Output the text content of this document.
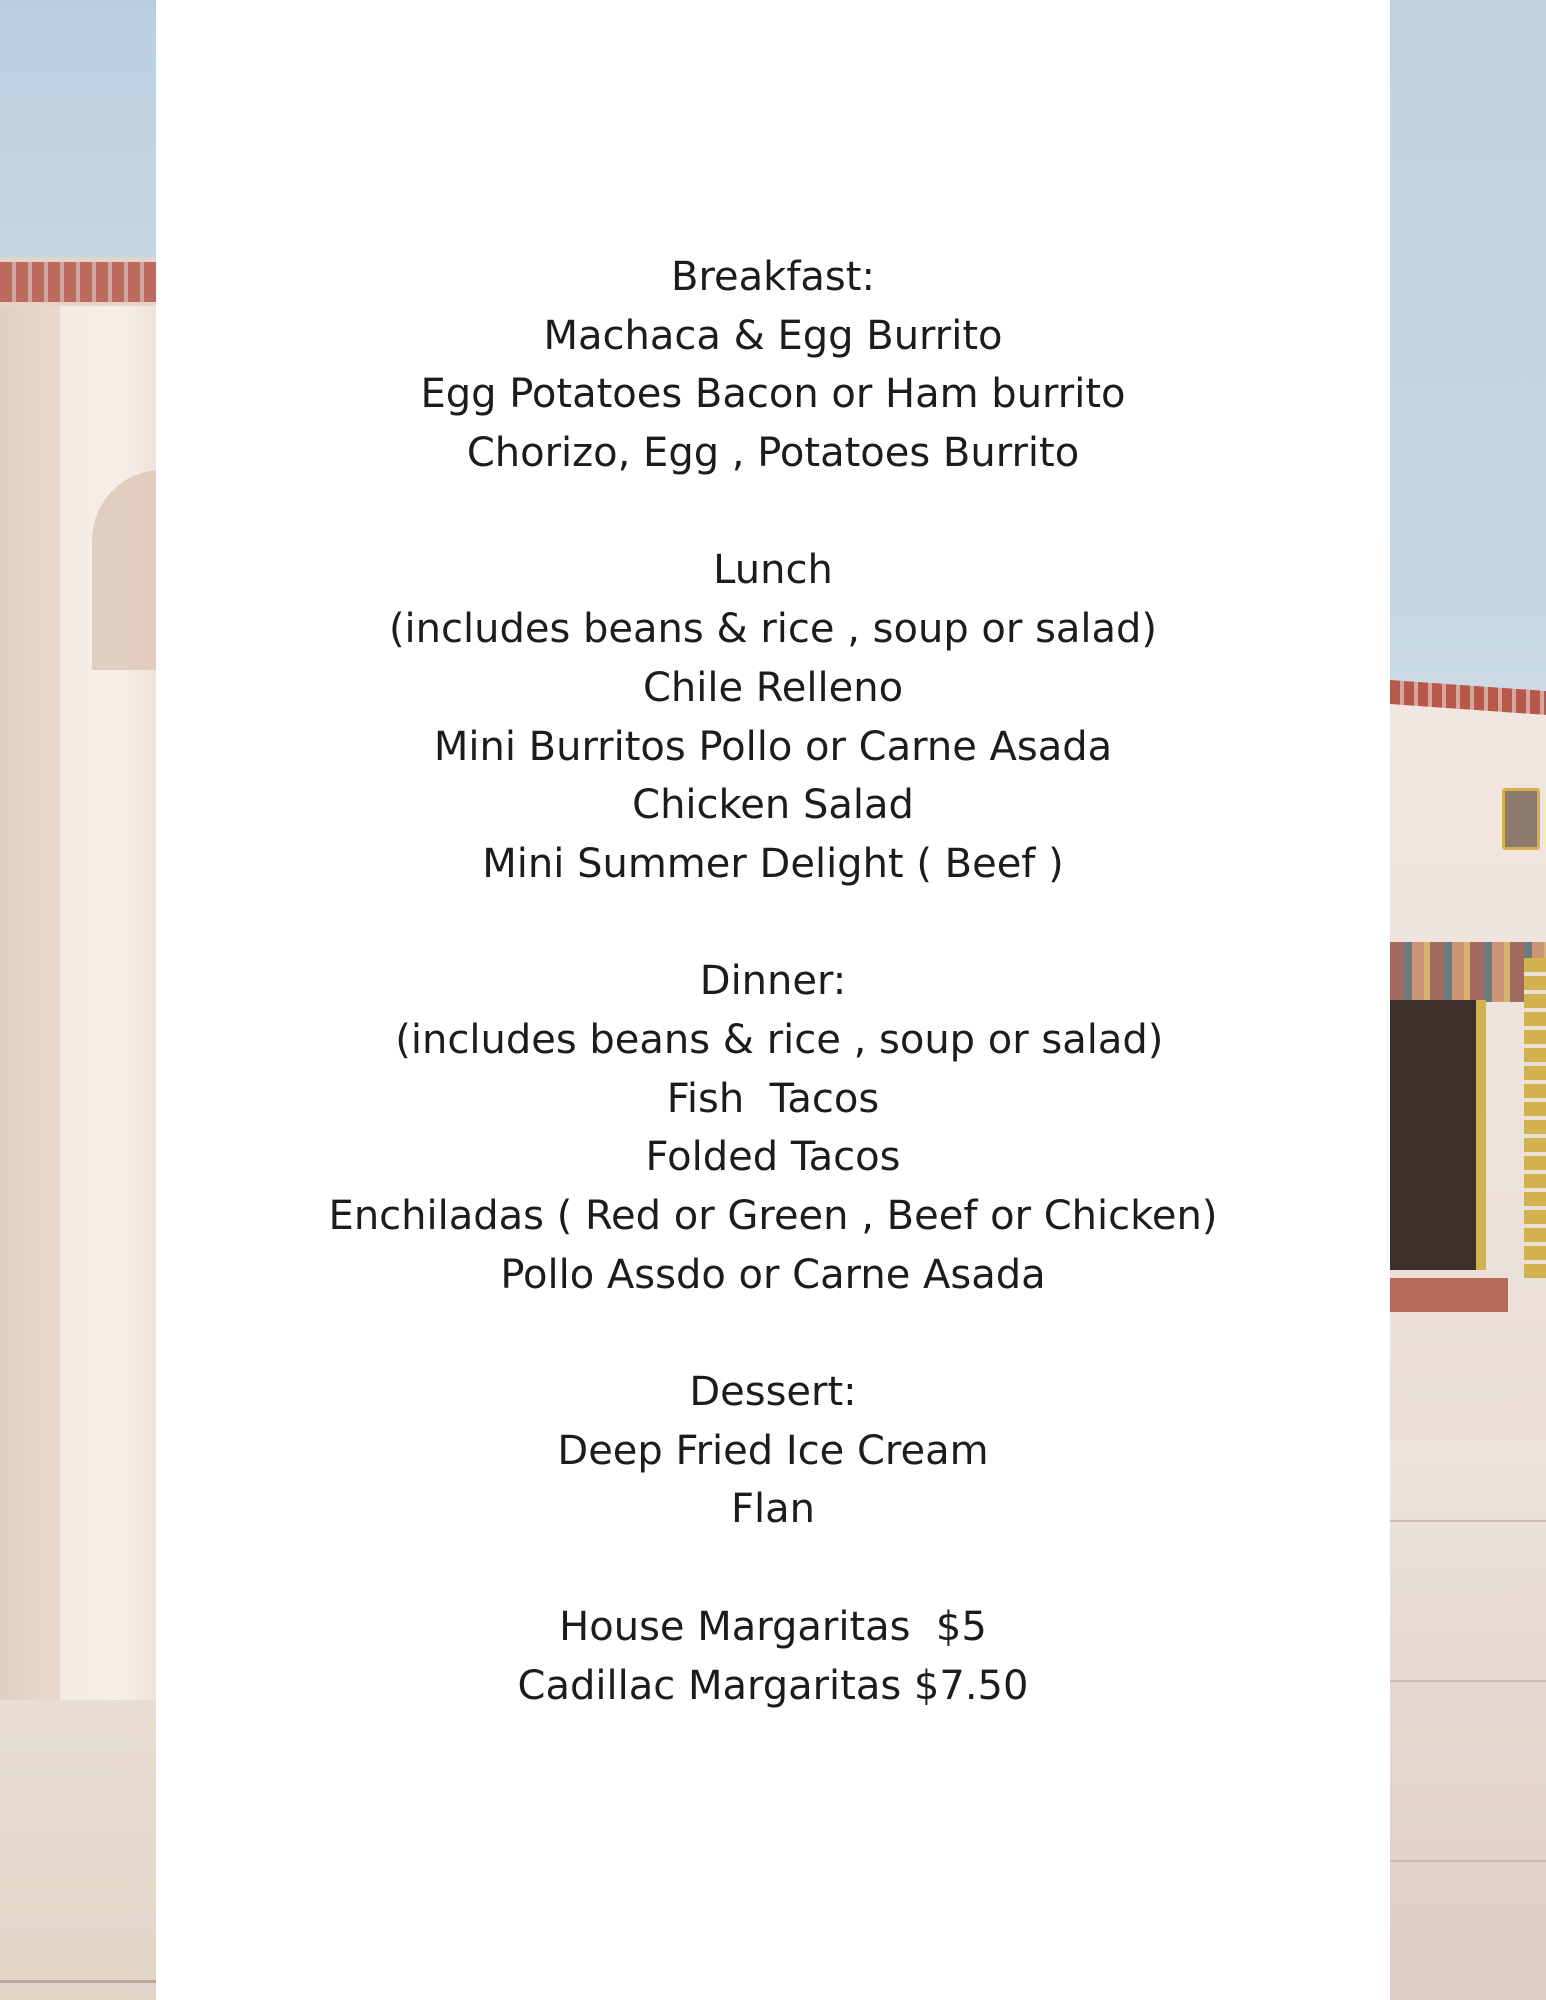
Breakfast:
Machaca & Egg Burrito
Egg Potatoes Bacon or Ham burrito
Chorizo, Egg , Potatoes Burrito
Lunch
(includes beans & rice , soup or salad)
Chile Relleno
Mini Burritos Pollo or Carne Asada
Chicken Salad
Mini Summer Delight ( Beef )
Dinner:
(includes beans & rice , soup or salad)
Fish  Tacos
Folded Tacos
Enchiladas ( Red or Green , Beef or Chicken)
Pollo Assdo or Carne Asada
Dessert:
Deep Fried Ice Cream
Flan
House Margaritas  $5
Cadillac Margaritas $7.50
